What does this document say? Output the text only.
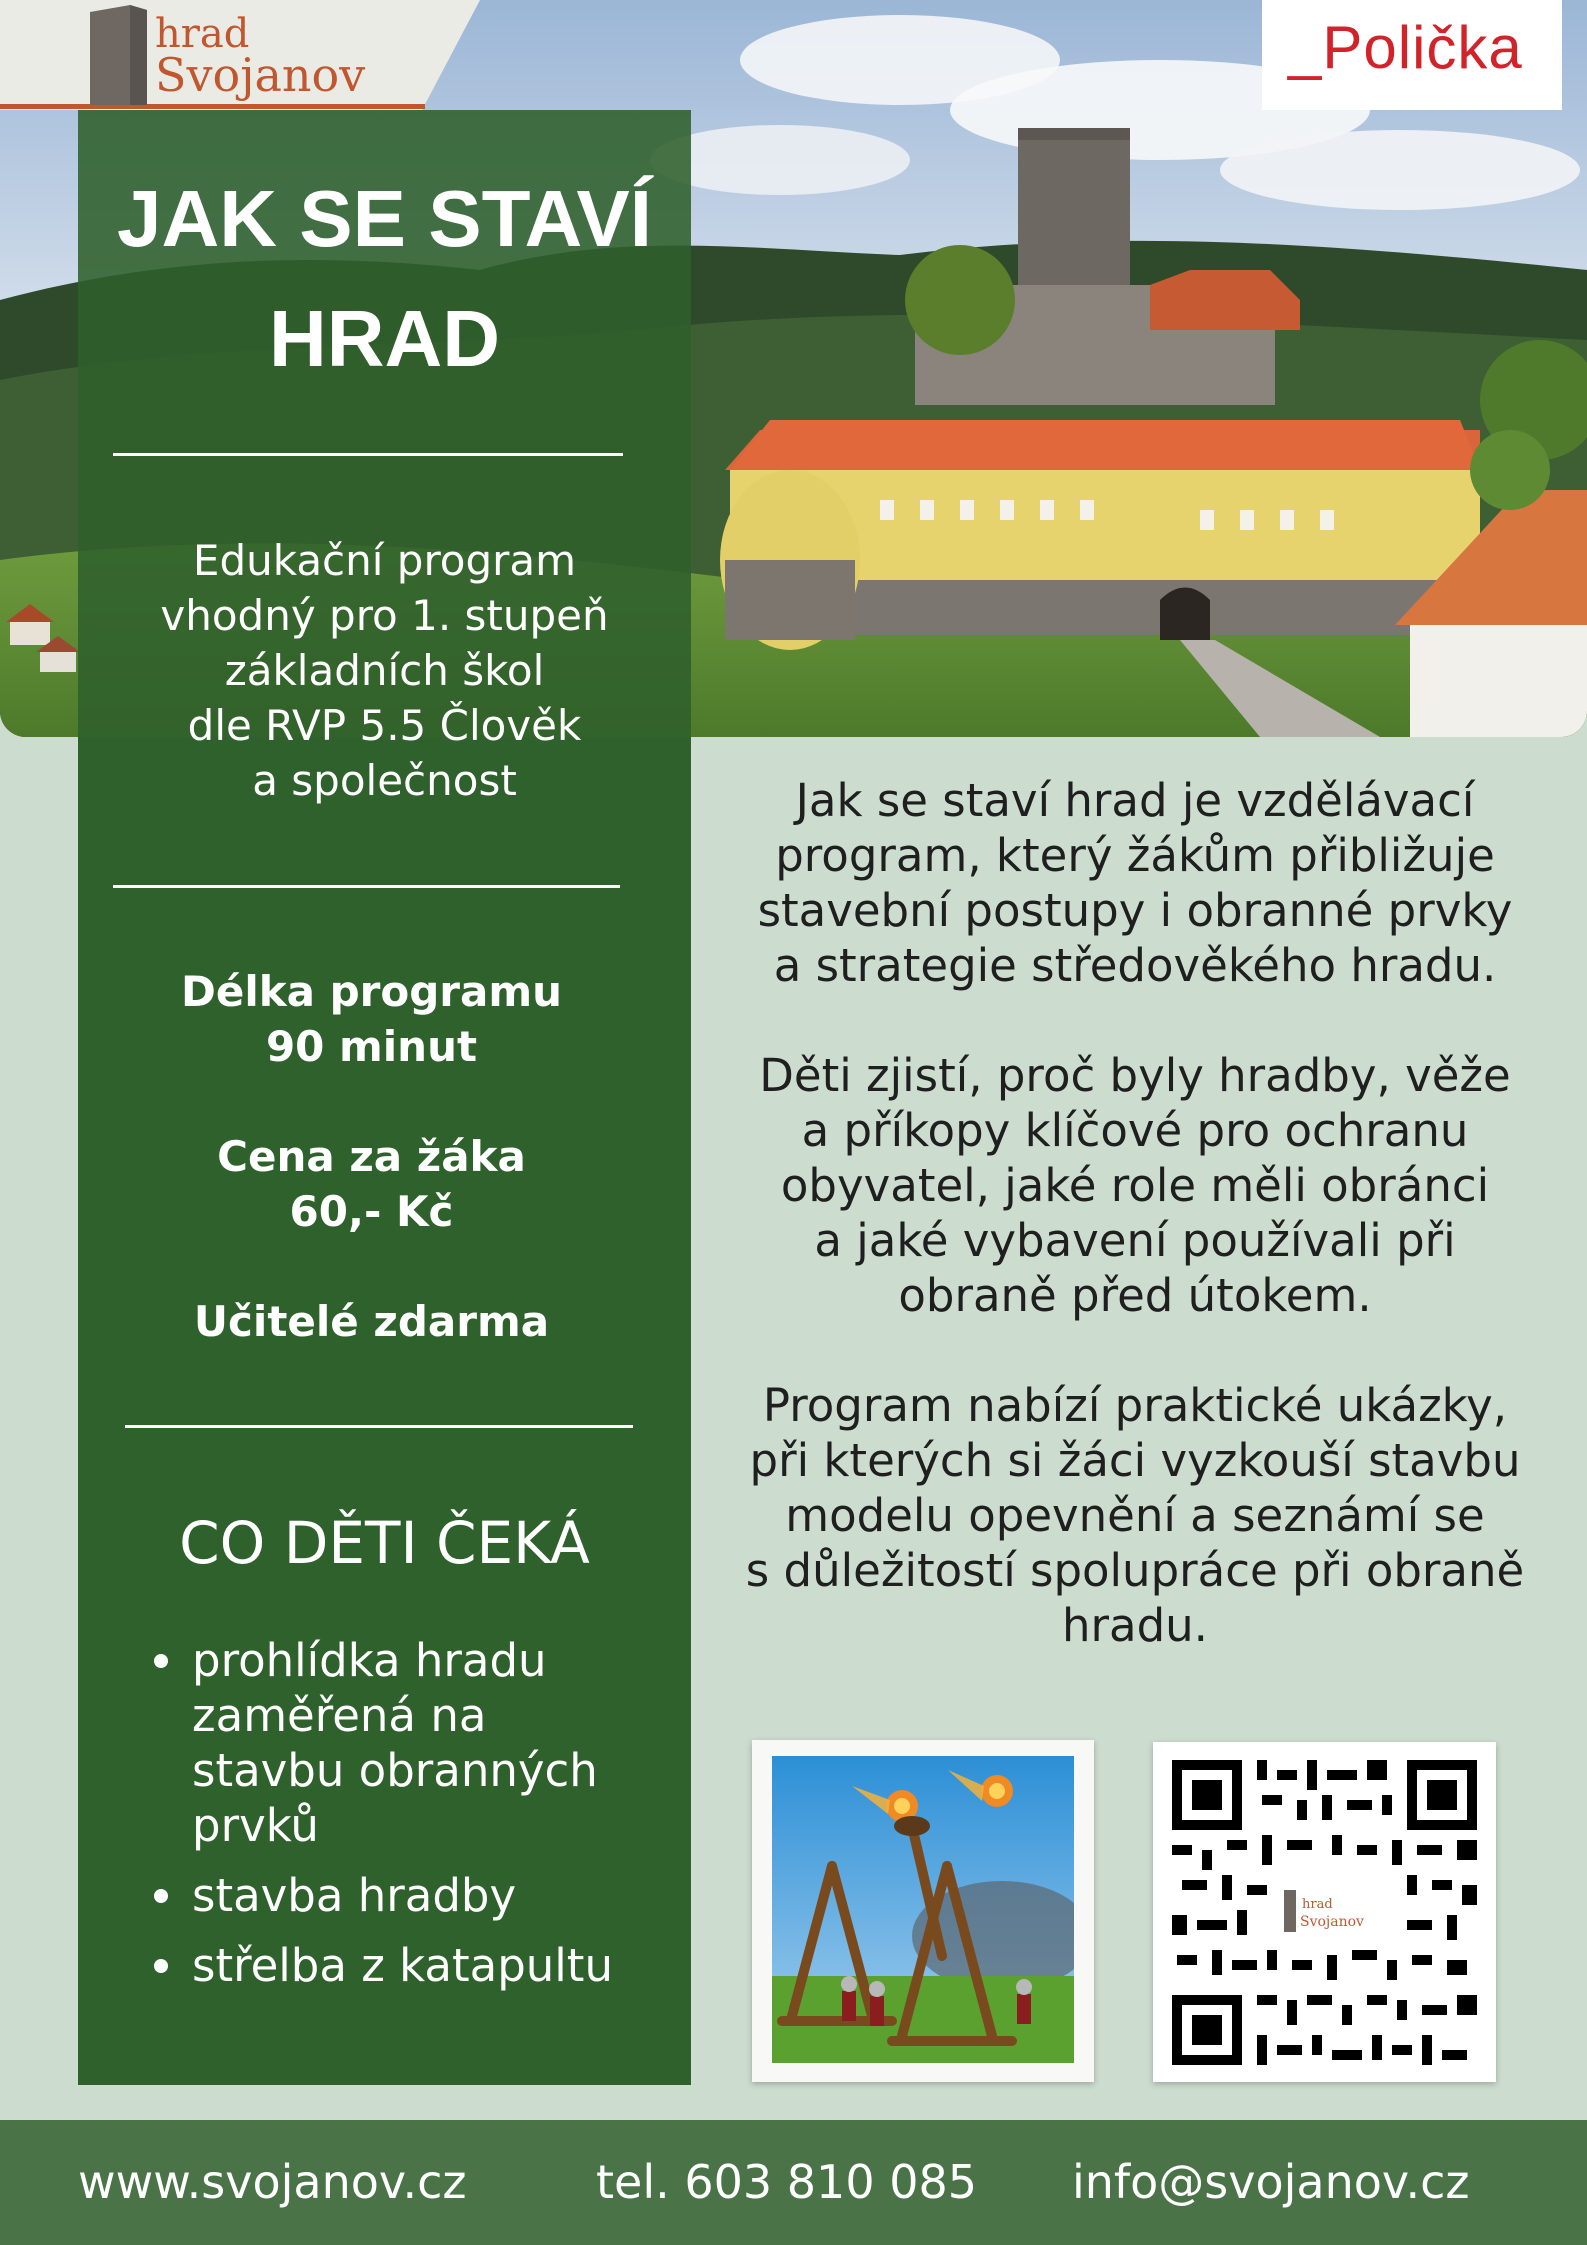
hrad
Svojanov	_Polička
JAK SE STAVÍ
HRAD
Edukační program
vhodný pro 1. stupeň
základních škol
dle RVP 5.5 Člověk
a společnost
Délka programu
90 minut
Cena za žáka
60,- Kč
Učitelé zdarma
CO DĚTI ČEKÁ
prohlídka hradu
zaměřená na
stavbu obranných
prvků
stavba hradby
střelba z katapultu
Jak se staví hrad je vzdělávací
program, který žákům přibližuje
stavební postupy i obranné prvky
a strategie středověkého hradu.
Děti zjistí, proč byly hradby, věže
a příkopy klíčové pro ochranu
obyvatel, jaké role měli obránci
a jaké vybavení používali při
obraně před útokem.
Program nabízí praktické ukázky,
při kterých si žáci vyzkouší stavbu
modelu opevnění a seznámí se
s důležitostí spolupráce při obraně
hradu.
hrad
Svojanov
www.svojanov.cz	tel. 603 810 085 info@svojanov.cz
